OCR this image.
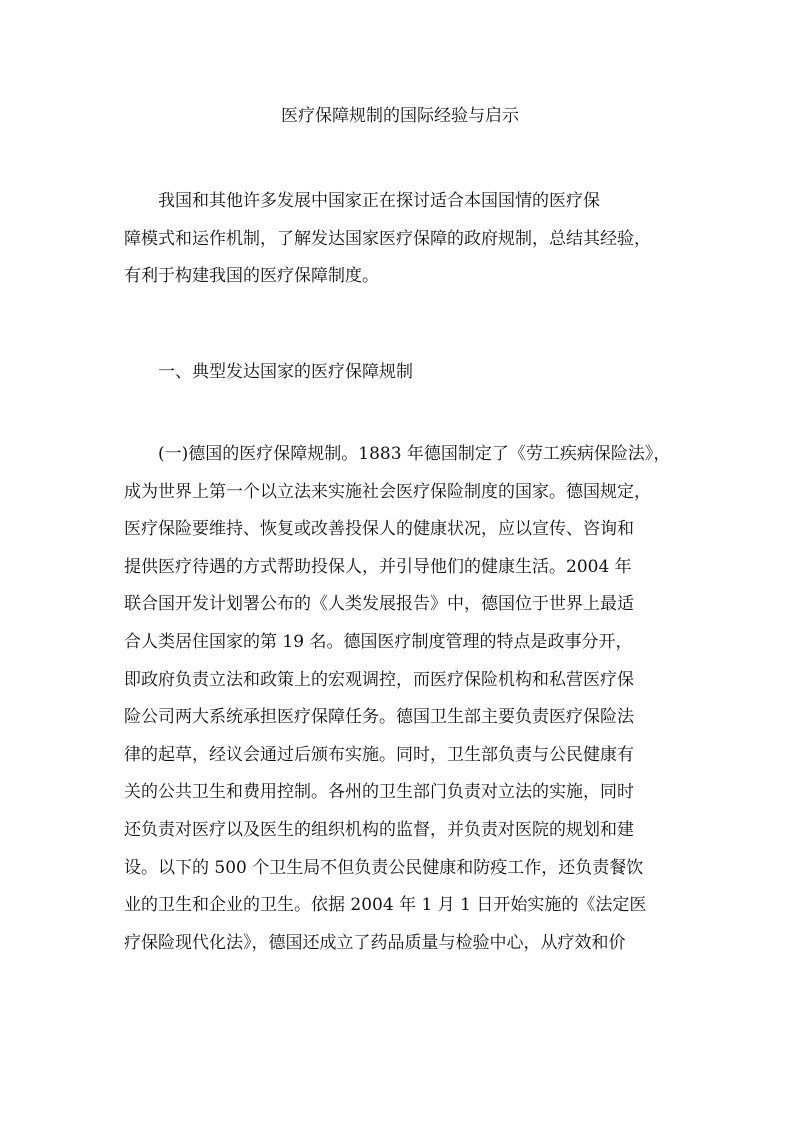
医疗保障规制的国际经验与启示
我国和其他许多发展中国家正在探讨适合本国国情的医疗保
障模式和运作机制，了解发达国家医疗保障的政府规制，总结其经验，
有利于构建我国的医疗保障制度。
一、典型发达国家的医疗保障规制
(一)德国的医疗保障规制。1883 年德国制定了《劳工疾病保险法》，
成为世界上第一个以立法来实施社会医疗保险制度的国家。德国规定，
医疗保险要维持、恢复或改善投保人的健康状况，应以宣传、咨询和
提供医疗待遇的方式帮助投保人，并引导他们的健康生活。2004 年
联合国开发计划署公布的《人类发展报告》中，德国位于世界上最适
合人类居住国家的第 19 名。德国医疗制度管理的特点是政事分开，
即政府负责立法和政策上的宏观调控，而医疗保险机构和私营医疗保
险公司两大系统承担医疗保障任务。德国卫生部主要负责医疗保险法
律的起草，经议会通过后颁布实施。同时，卫生部负责与公民健康有
关的公共卫生和费用控制。各州的卫生部门负责对立法的实施，同时
还负责对医疗以及医生的组织机构的监督，并负责对医院的规划和建
设。以下的 500 个卫生局不但负责公民健康和防疫工作，还负责餐饮
业的卫生和企业的卫生。依据 2004 年 1 月 1 日开始实施的《法定医
疗保险现代化法》，德国还成立了药品质量与检验中心，从疗效和价
